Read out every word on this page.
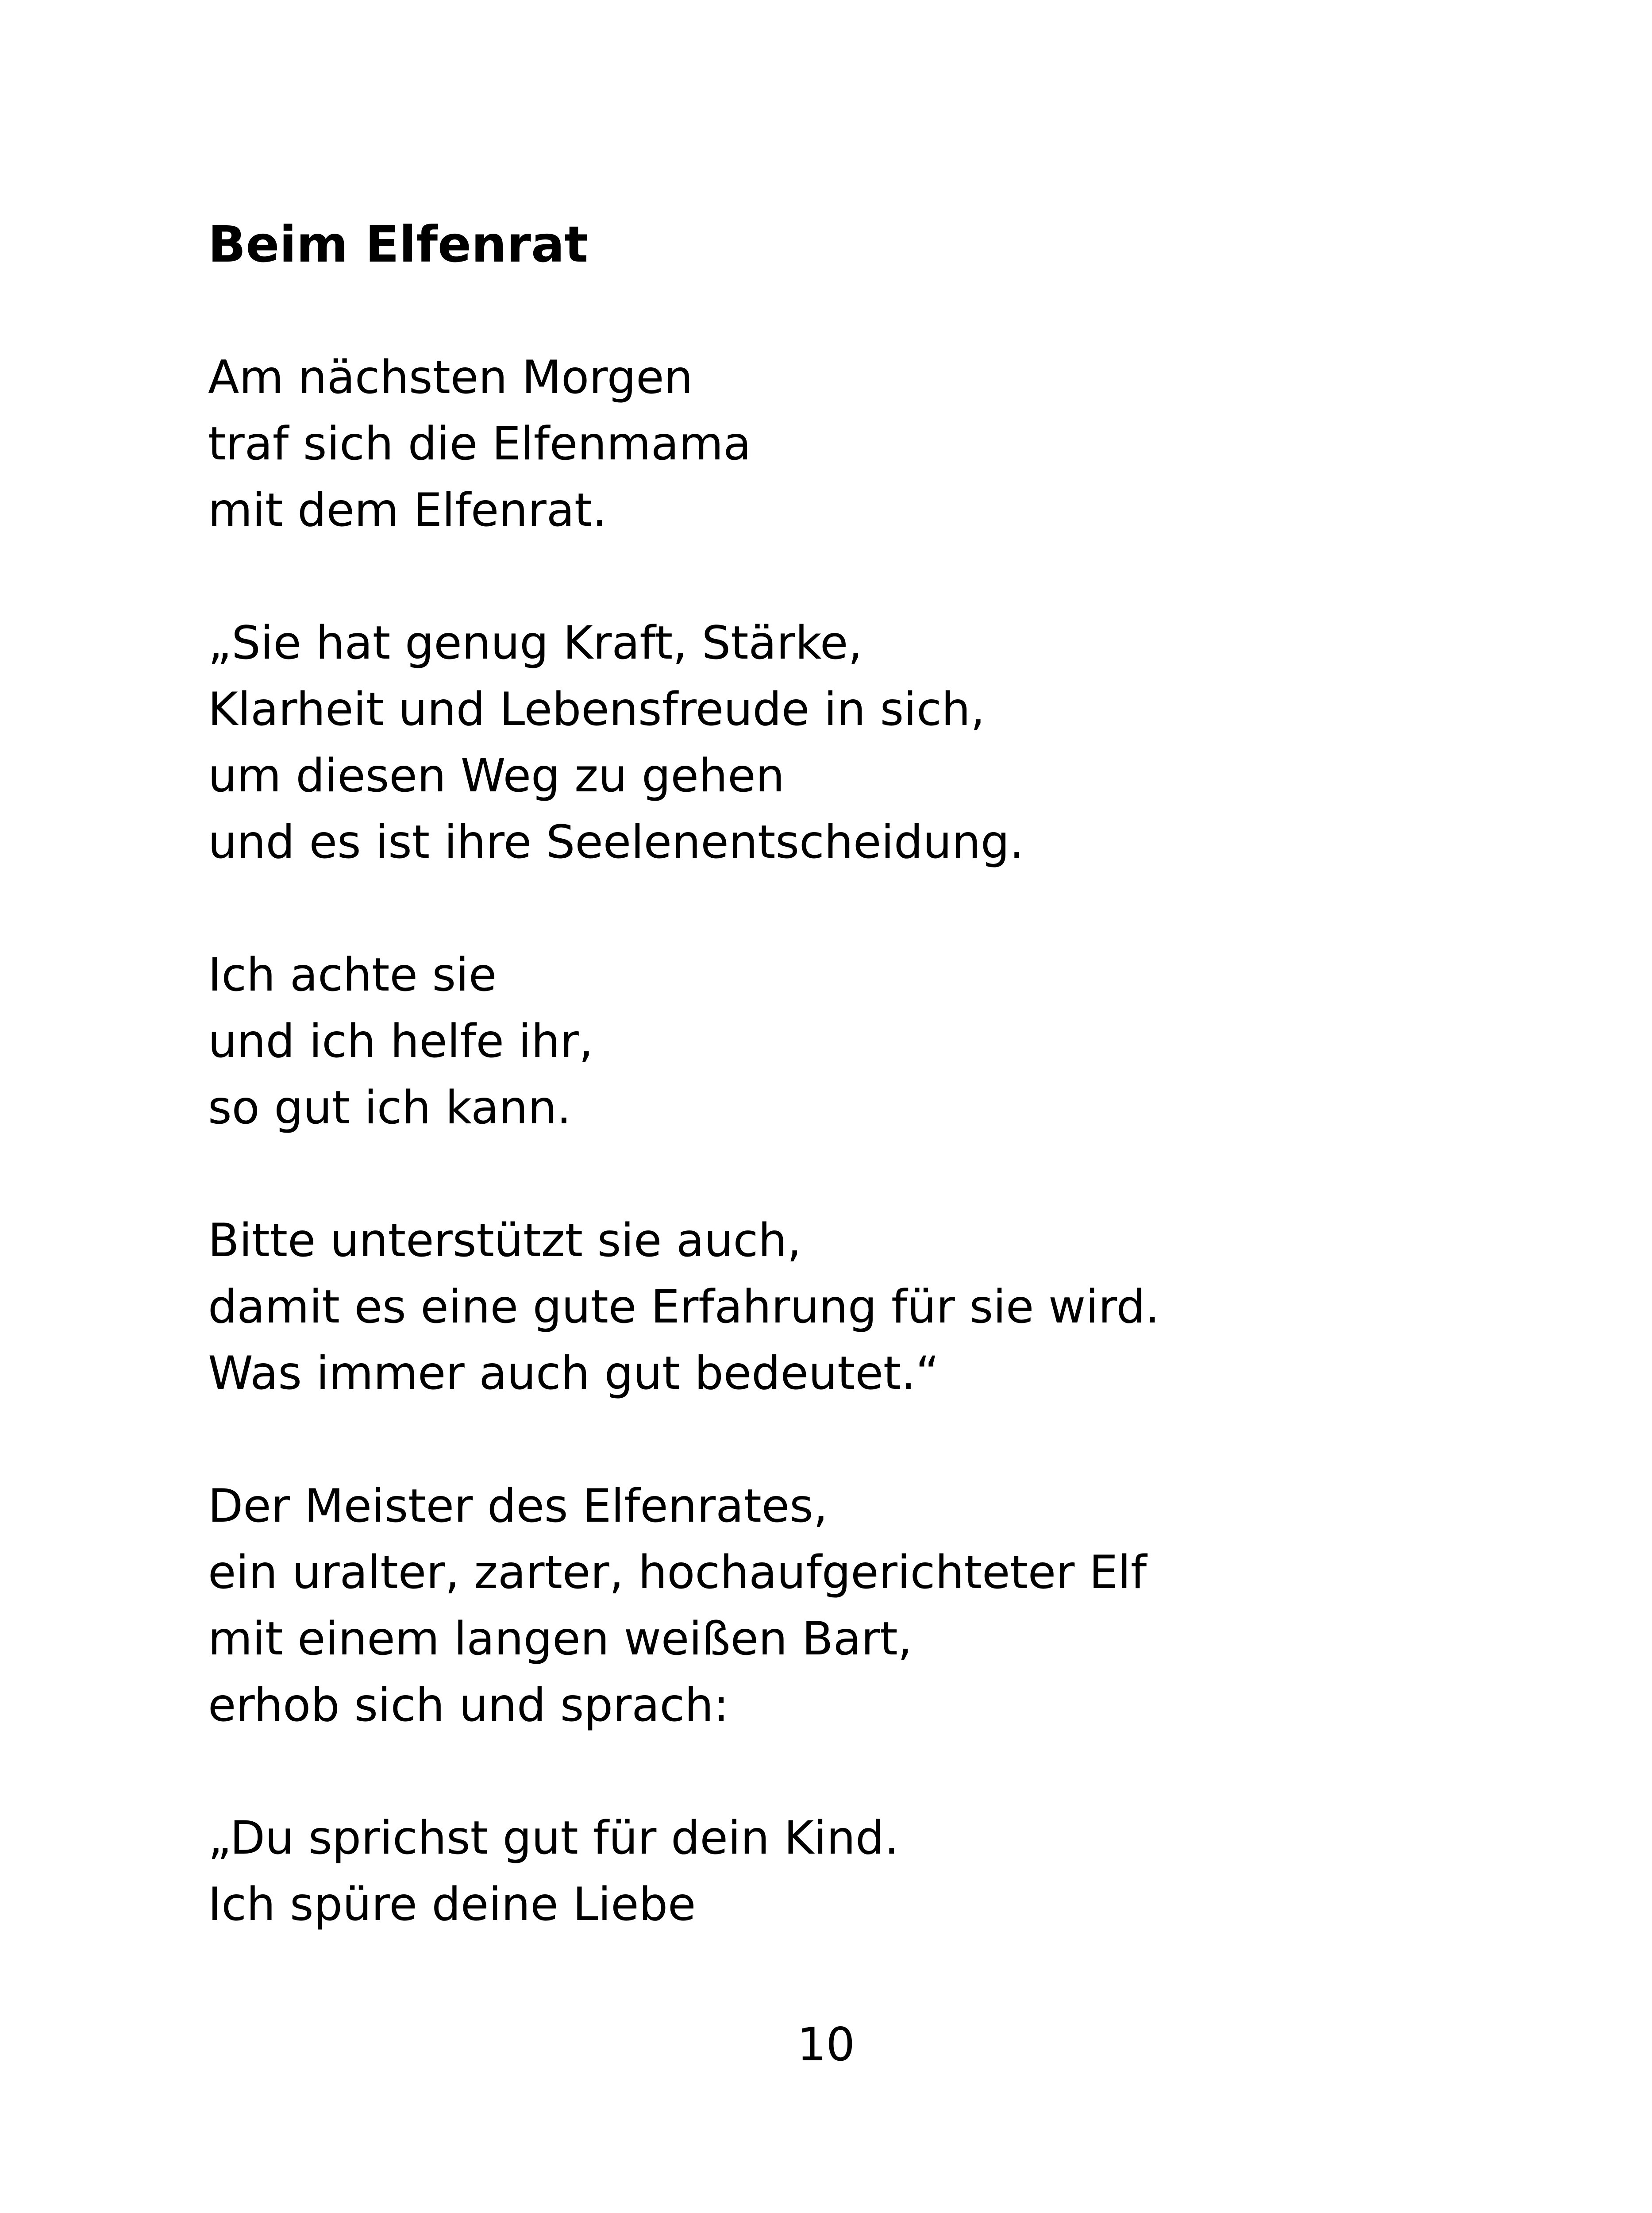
Beim Elfenrat

Am nächsten Morgen
traf sich die Elfenmama
mit dem Elfenrat.

„Sie hat genug Kraft, Stärke,
Klarheit und Lebensfreude in sich,
um diesen Weg zu gehen
und es ist ihre Seelenentscheidung.

Ich achte sie
und ich helfe ihr,
so gut ich kann.

Bitte unterstützt sie auch,
damit es eine gute Erfahrung für sie wird.
Was immer auch gut bedeutet.“

Der Meister des Elfenrates,
ein uralter, zarter, hochaufgerichteter Elf
mit einem langen weißen Bart,
erhob sich und sprach:

„Du sprichst gut für dein Kind.
Ich spüre deine Liebe

10
